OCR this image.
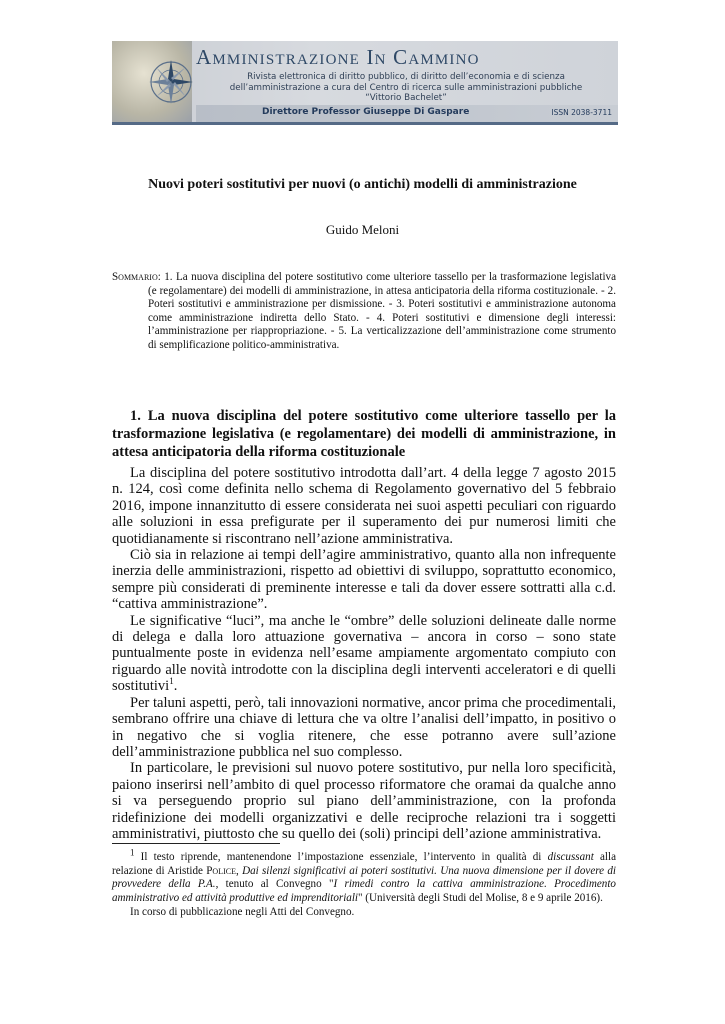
Amministrazione In Cammino
Rivista elettronica di diritto pubblico, di diritto dell’economia e di scienza
dell’amministrazione a cura del Centro di ricerca sulle amministrazioni pubbliche
“Vittorio Bachelet”
Direttore Professor Giuseppe Di Gaspare	ISSN 2038-3711
Nuovi poteri sostitutivi per nuovi (o antichi) modelli di amministrazione
Guido Meloni
Sommario: 1. La nuova disciplina del potere sostitutivo come ulteriore tassello per la trasformazione legislativa (e regolamentare) dei modelli di amministrazione, in attesa anticipatoria della riforma costituzionale. - 2. Poteri sostitutivi e amministrazione per dismissione. - 3. Poteri sostitutivi e amministrazione autonoma come amministrazione indiretta dello Stato. - 4. Poteri sostitutivi e dimensione degli interessi: l’amministrazione per riappropriazione. - 5. La verticalizzazione dell’amministrazione come strumento di semplificazione politico-amministrativa.
1. La nuova disciplina del potere sostitutivo come ulteriore tassello per la trasformazione legislativa (e regolamentare) dei modelli di amministrazione, in attesa anticipatoria della riforma costituzionale

La disciplina del potere sostitutivo introdotta dall’art. 4 della legge 7 agosto 2015 n. 124, così come definita nello schema di Regolamento governativo del 5 febbraio 2016, impone innanzitutto di essere considerata nei suoi aspetti peculiari con riguardo alle soluzioni in essa prefigurate per il superamento dei pur numerosi limiti che quotidianamente si riscontrano nell’azione amministrativa.

Ciò sia in relazione ai tempi dell’agire amministrativo, quanto alla non infrequente inerzia delle amministrazioni, rispetto ad obiettivi di sviluppo, soprattutto economico, sempre più considerati di preminente interesse e tali da dover essere sottratti alla c.d. “cattiva amministrazione”.

Le significative “luci”, ma anche le “ombre” delle soluzioni delineate dalle norme di delega e dalla loro attuazione governativa – ancora in corso – sono state puntualmente poste in evidenza nell’esame ampiamente argomentato compiuto con riguardo alle novità introdotte con la disciplina degli interventi acceleratori e di quelli sostitutivi$^1$.

Per taluni aspetti, però, tali innovazioni normative, ancor prima che procedimentali, sembrano offrire una chiave di lettura che va oltre l’analisi dell’impatto, in positivo o in negativo che si voglia ritenere, che esse potranno avere sull’azione dell’amministrazione pubblica nel suo complesso.

In particolare, le previsioni sul nuovo potere sostitutivo, pur nella loro specificità, paiono inserirsi nell’ambito di quel processo riformatore che oramai da qualche anno si va perseguendo proprio sul piano dell’amministrazione, con la profonda ridefinizione dei modelli organizzativi e delle reciproche relazioni tra i soggetti amministrativi, piuttosto che su quello dei (soli) principi dell’azione amministrativa.

$^1$ Il testo riprende, mantenendone l’impostazione essenziale, l’intervento in qualità di discussant alla relazione di Aristide Police, Dai silenzi significativi ai poteri sostitutivi. Una nuova dimensione per il dovere di provvedere della P.A., tenuto al Convegno "I rimedi contro la cattiva amministrazione. Procedimento amministrativo ed attività produttive ed imprenditoriali" (Università degli Studi del Molise, 8 e 9 aprile 2016).

In corso di pubblicazione negli Atti del Convegno.
